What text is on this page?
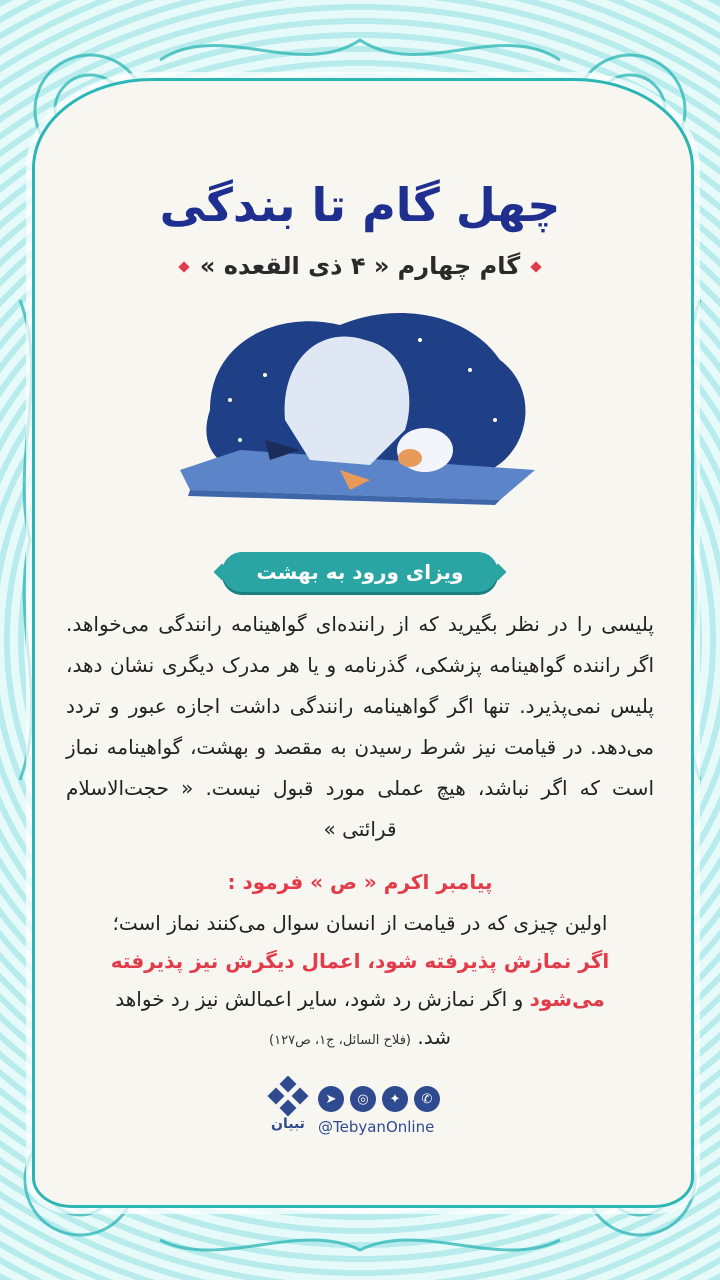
چهل گام تا بندگی
گام چهارم « ۴ ذی القعده »
ویزای ورود به بهشت
پلیسی را در نظر بگیرید که از راننده‌ای گواهینامه رانندگی می‌خواهد. اگر راننده گواهینامه پزشکی، گذرنامه و یا هر مدرک دیگری نشان دهد، پلیس نمی‌پذیرد. تنها اگر گواهینامه رانندگی داشت اجازه عبور و تردد می‌دهد. در قیامت نیز شرط رسیدن به مقصد و بهشت، گواهینامه نماز است که اگر نباشد، هیچ عملی مورد قبول نیست. « حجت‌الاسلام قرائتی »
پیامبر اکرم « ص » فرمود :
اولین چیزی که در قیامت از انسان سوال می‌کنند نماز است؛ اگر نمازش پذیرفته شود، اعمال دیگرش نیز پذیرفته می‌شود و اگر نمازش رد شود، سایر اعمالش نیز رد خواهد شد. (فلاح السائل، ج۱، ص۱۲۷)
تبیان
➤	◎	✦	✆
@TebyanOnline
